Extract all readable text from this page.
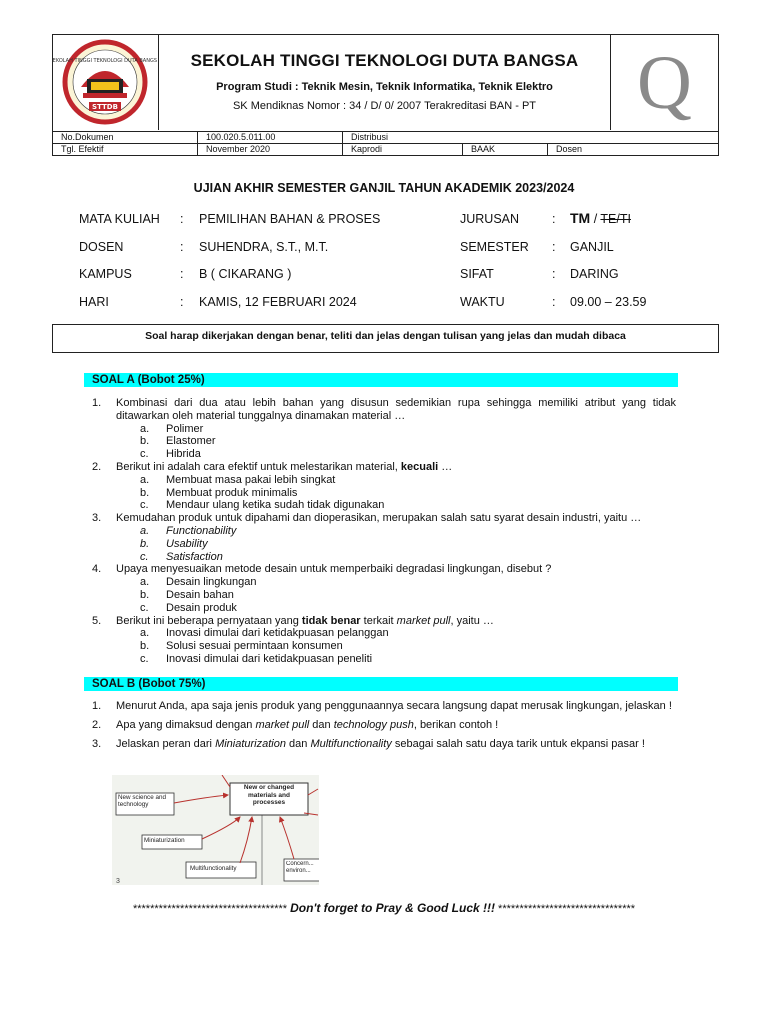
SEKOLAH TINGGI TEKNOLOGI DUTA BANGSA
STTDB
SEKOLAH TINGGI TEKNOLOGI DUTA BANGSA
Program Studi : Teknik Mesin, Teknik Informatika, Teknik Elektro
SK Mendiknas Nomor : 34 / D/ 0/ 2007 Terakreditasi BAN - PT	Q
No.Dokumen	100.020.5.011.00	Distribusi		
Tgl. Efektif	November 2020	Kaprodi	BAAK	Dosen
UJIAN AKHIR SEMESTER GANJIL TAHUN AKADEMIK 2023/2024
MATA KULIAH : PEMILIHAN BAHAN & PROSES	JURUSAN	: TM / TE/TI
DOSEN	: SUHENDRA, S.T., M.T.	SEMESTER : GANJIL
KAMPUS	: B ( CIKARANG )	SIFAT	: DARING
HARI	: KAMIS, 12 FEBRUARI 2024	WAKTU	: 09.00 – 23.59
Soal harap dikerjakan dengan benar, teliti dan jelas dengan tulisan yang jelas dan mudah dibaca
SOAL A (Bobot 25%)
1. Kombinasi dari dua atau lebih bahan yang disusun sedemikian rupa sehingga memiliki atribut yang tidak ditawarkan oleh material tunggalnya dinamakan material …
a. Polimer
b. Elastomer
c. Hibrida
2. Berikut ini adalah cara efektif untuk melestarikan material, kecuali …
a. Membuat masa pakai lebih singkat
b. Membuat produk minimalis
c. Mendaur ulang ketika sudah tidak digunakan
3. Kemudahan produk untuk dipahami dan dioperasikan, merupakan salah satu syarat desain industri, yaitu …
a. Functionability
b. Usability
c. Satisfaction
4. Upaya menyesuaikan metode desain untuk memperbaiki degradasi lingkungan, disebut ?
a. Desain lingkungan
b. Desain bahan
c. Desain produk
5. Berikut ini beberapa pernyataan yang tidak benar terkait market pull, yaitu …
a. Inovasi dimulai dari ketidakpuasan pelanggan
b. Solusi sesuai permintaan konsumen
c. Inovasi dimulai dari ketidakpuasan peneliti
SOAL B (Bobot 75%)
1. Menurut Anda, apa saja jenis produk yang penggunaannya secara langsung dapat merusak lingkungan, jelaskan !
2. Apa yang dimaksud dengan market pull dan technology push, berikan contoh !
3. Jelaskan peran dari Miniaturization dan Multifunctionality sebagai salah satu daya tarik untuk ekpansi pasar !
New or changed materials and processes
New science and technology
Miniaturization
Multifunctionality
Concern... environ...
3
************************************ Don't forget to Pray & Good Luck !!! ********************************
